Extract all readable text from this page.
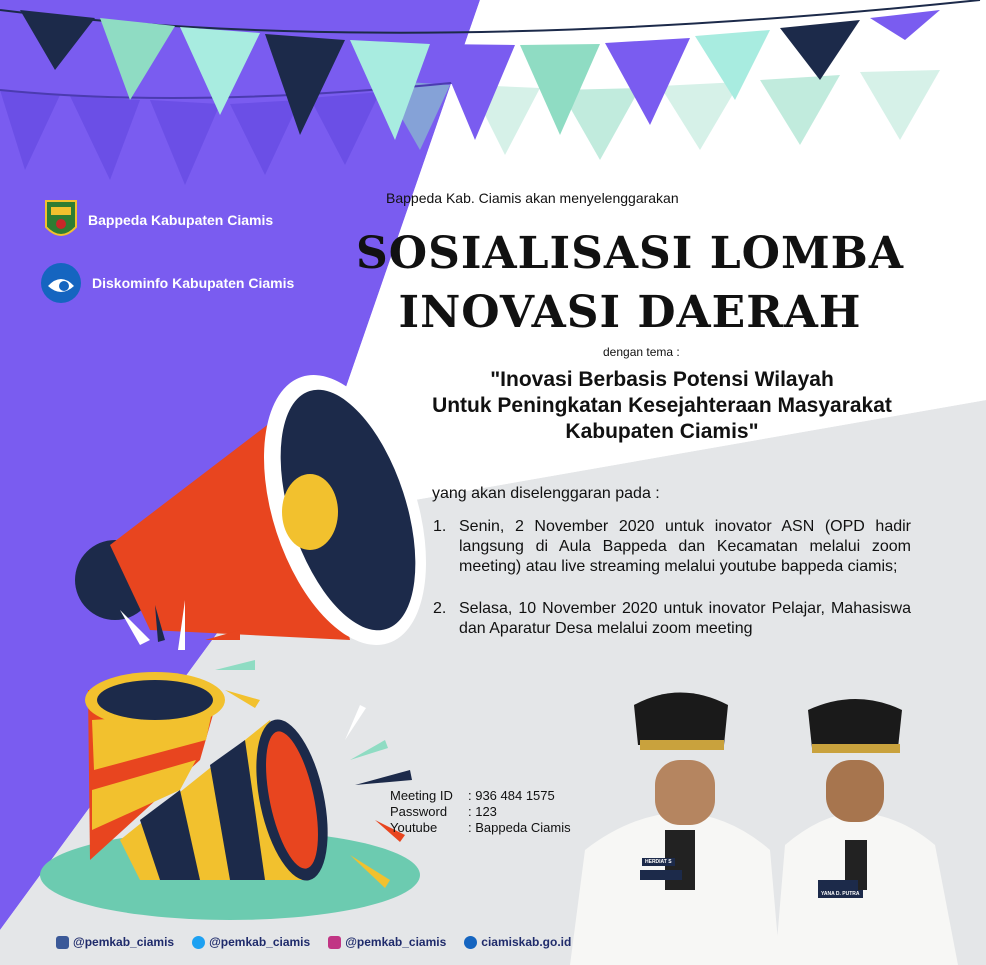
Bappeda Kabupaten Ciamis
Diskominfo Kabupaten Ciamis
Bappeda Kab. Ciamis akan menyelenggarakan
SOSIALISASI LOMBA
INOVASI DAERAH
dengan tema :
"Inovasi Berbasis Potensi Wilayah
Untuk Peningkatan Kesejahteraan Masyarakat
Kabupaten Ciamis"
yang akan diselenggaran pada :
1. Senin, 2 November 2020 untuk inovator ASN (OPD hadir langsung di Aula Bappeda dan Kecamatan melalui zoom meeting) atau live streaming melalui youtube bappeda ciamis;
2. Selasa, 10 November 2020 untuk inovator Pelajar, Mahasiswa dan Aparatur Desa melalui zoom meeting
Meeting ID	: 936 484 1575
Password	: 123
Youtube	: Bappeda Ciamis
HERDIAT S
YANA D. PUTRA
@pemkab_ciamis	@pemkab_ciamis	@pemkab_ciamis	ciamiskab.go.id
